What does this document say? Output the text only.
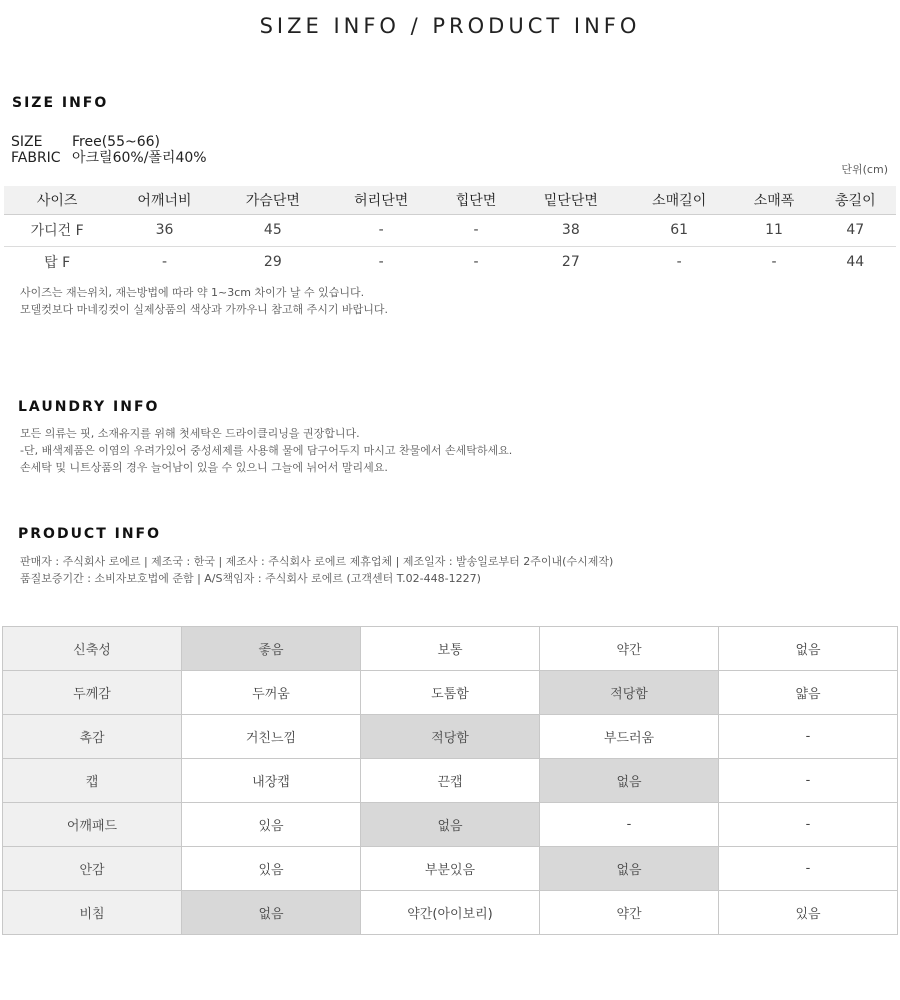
SIZE INFO / PRODUCT INFO
SIZE INFO
SIZE Free(55~66)
FABRIC 아크릴60%/폴리40%
단위(cm)
사이즈	어깨너비	가슴단면	허리단면	힙단면	밑단단면	소매길이	소매폭	총길이
가디건 F	36	45	-	-	38	61	11	47
탑 F	-	29	-	-	27	-	-	44
사이즈는 재는위치, 재는방법에 따라 약 1~3cm 차이가 날 수 있습니다.
모델컷보다 마네킹컷이 실제상품의 색상과 가까우니 참고해 주시기 바랍니다.
LAUNDRY INFO
모든 의류는 핏, 소재유지를 위해 첫세탁은 드라이클리닝을 권장합니다.
-단, 배색제품은 이염의 우려가있어 중성세제를 사용해 물에 담구어두지 마시고 찬물에서 손세탁하세요.
손세탁 및 니트상품의 경우 늘어남이 있을 수 있으니 그늘에 뉘어서 말리세요.
PRODUCT INFO
판매자 : 주식회사 로에르 | 제조국 : 한국 | 제조사 : 주식회사 로에르 제휴업체 | 제조일자 : 발송일로부터 2주이내(수시제작)
품질보증기간 : 소비자보호법에 준함 | A/S책임자 : 주식회사 로에르 (고객센터 T.02-448-1227)
신축성	좋음	보통	약간	없음
두께감	두꺼움	도톰함	적당함	얇음
촉감	거친느낌	적당함	부드러움	-
캡	내장캡	끈캡	없음	-
어깨패드	있음	없음	-	-
안감	있음	부분있음	없음	-
비침	없음	약간(아이보리)	약간	있음
